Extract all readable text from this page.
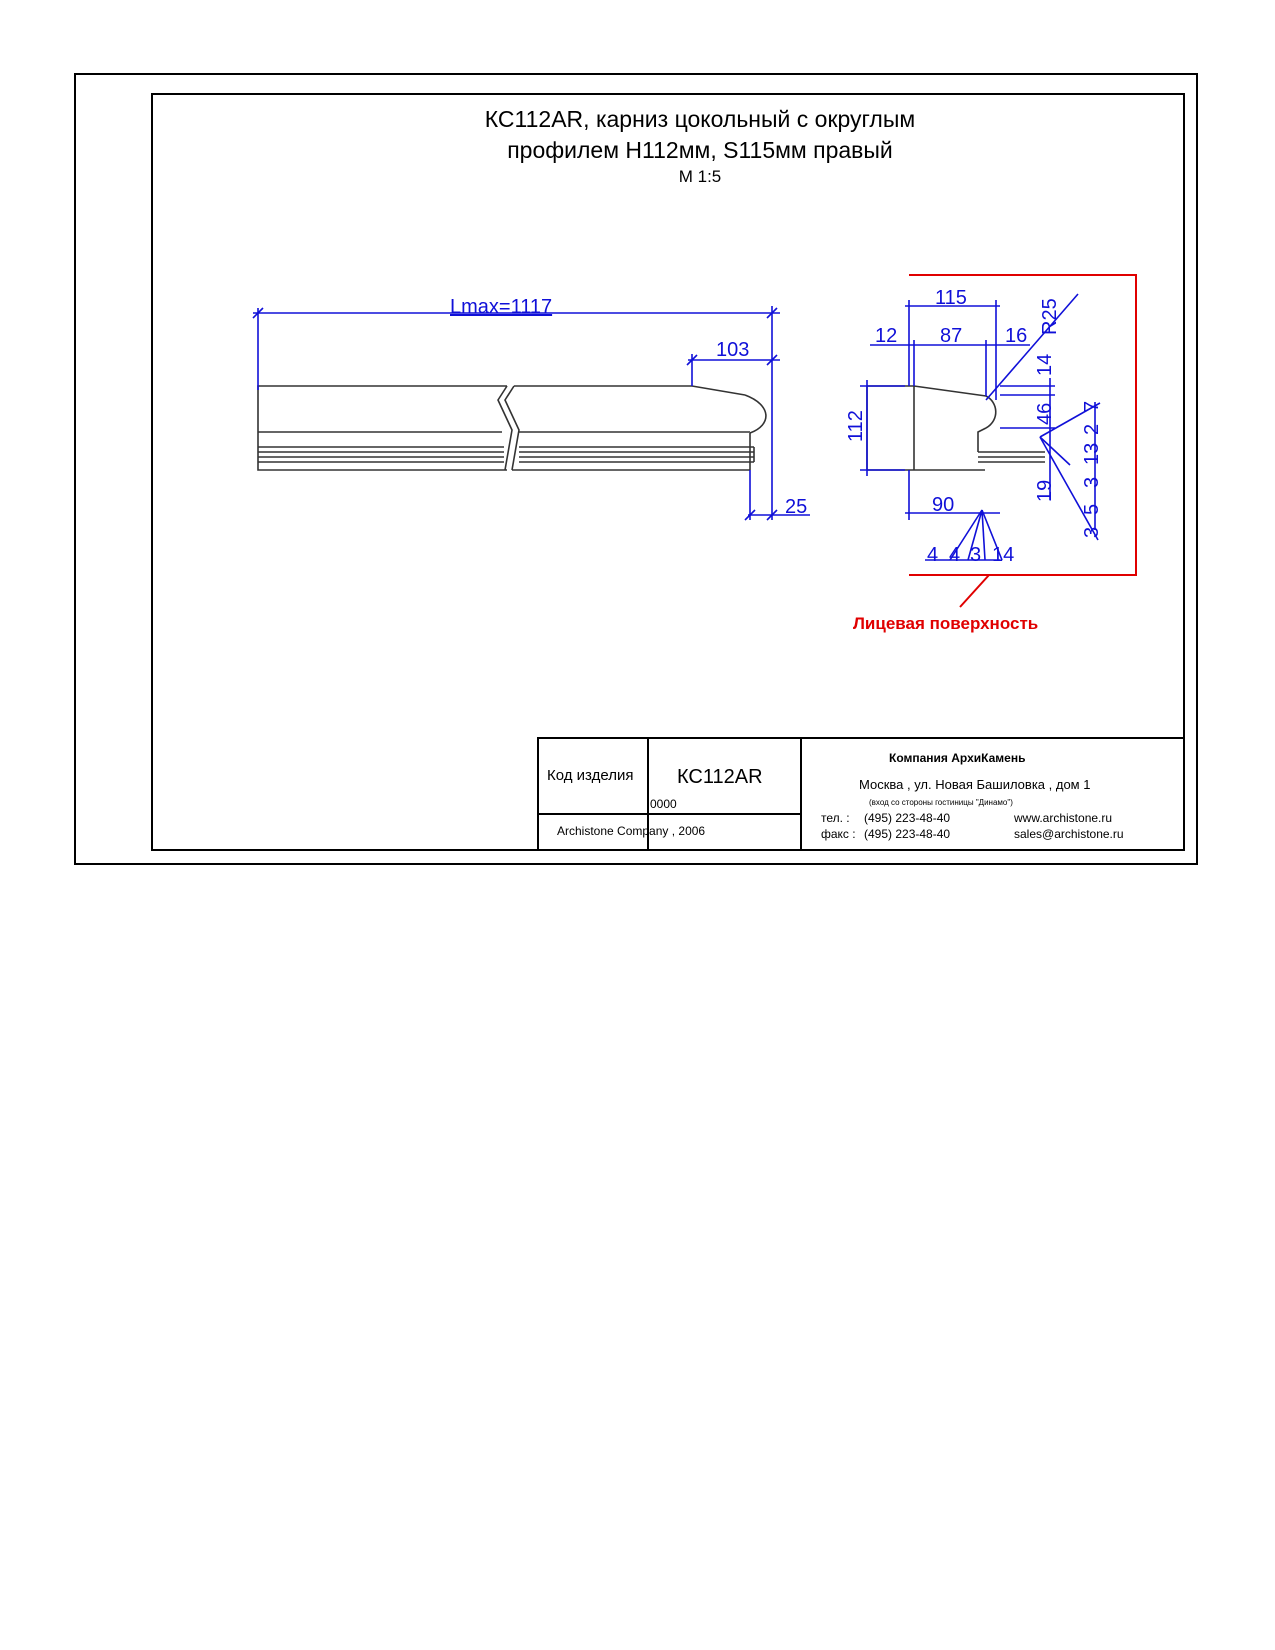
КС112AR, карниз цокольный с округлым
профилем Н112мм, S115мм правый
М 1:5
Lmax=1117
103
25
115
12 87 16
R25
112
90
14
46 7
2
13
3
19
5
3
4 4 3 14
Лицевая поверхность
Код изделия КС112AR
0000
Archistone Company , 2006
Компания АрхиКамень
Москва , ул. Новая Башиловка , дом 1
(вход со стороны гостиницы "Динамо")
тел. : (495) 223-48-40
факс : (495) 223-48-40
www.archistone.ru
sales@archistone.ru
